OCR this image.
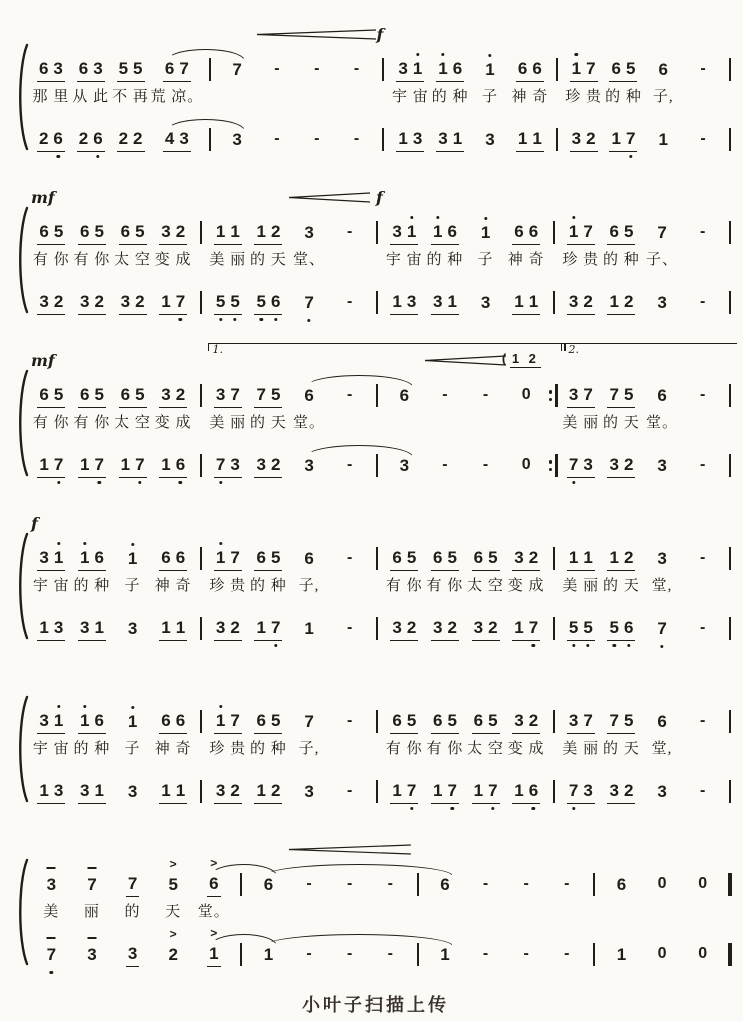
f
6 3 6 3 5 5 6 7	7 - - - 3 1 1 6 1 6 6 1 7 6 5 6 -
那 里 从 此 不 再 荒 凉。	宇 宙 的 种 子 神 奇 珍 贵 的 种 子,
2 6 2 6 2 2 4 3	3 - - - 1 3 3 1 3 1 1 3 2 1 7 1 -
mf	f
6 5 6 5 6 5 3 2 1 1 1 2 3 - 3 1 1 6 1 6 6 1 7 6 5 7 -
有 你 有 你 太 空 变 成 美 丽 的 天 堂、	宇 宙 的 种 子 神 奇 珍 贵 的 种 子、
3 2 3 2 3 2 1 7 5 5 5 6 7 - 1 3 3 1 3 1 1 3 2 1 2 3 -
mf
1.	2.
( 1 2
6 5 6 5 6 5 3 2 3 7 7 5 6 -	6 - - 0 3 7 7 5 6 -
有 你 有 你 太 空 变 成 美 丽 的 天 堂。	美 丽 的 天 堂。
1 7 1 7 1 7 1 6 7 3 3 2 3 -	3 - - 0 7 3 3 2 3 -
f
3 1 1 6 1 6 6 1 7 6 5 6 - 6 5 6 5 6 5 3 2 1 1 1 2 3 -
宇 宙 的 种 子 神 奇 珍 贵 的 种 子,	有 你 有 你 太 空 变 成 美 丽 的 天 堂,
1 3 3 1 3 1 1 3 2 1 7 1 - 3 2 3 2 3 2 1 7 5 5 5 6 7 -
3 1 1 6 1 6 6 1 7 6 5 7 - 6 5 6 5 6 5 3 2 3 7 7 5 6 -
宇 宙 的 种 子 神 奇 珍 贵 的 种 子,	有 你 有 你 太 空 变 成 美 丽 的 天 堂,
1 3 3 1 3 1 1 3 2 1 2 3 - 1 7 1 7 1 7 1 6 7 3 3 2 3 -
3 7 7
>
5
>
6	6 - - -	6 - - -	6 0 0
美 丽 的 天 堂。
7 3 3
>
2
>
1	1 - - -	1 - - -	1 0 0
小叶子扫描上传
